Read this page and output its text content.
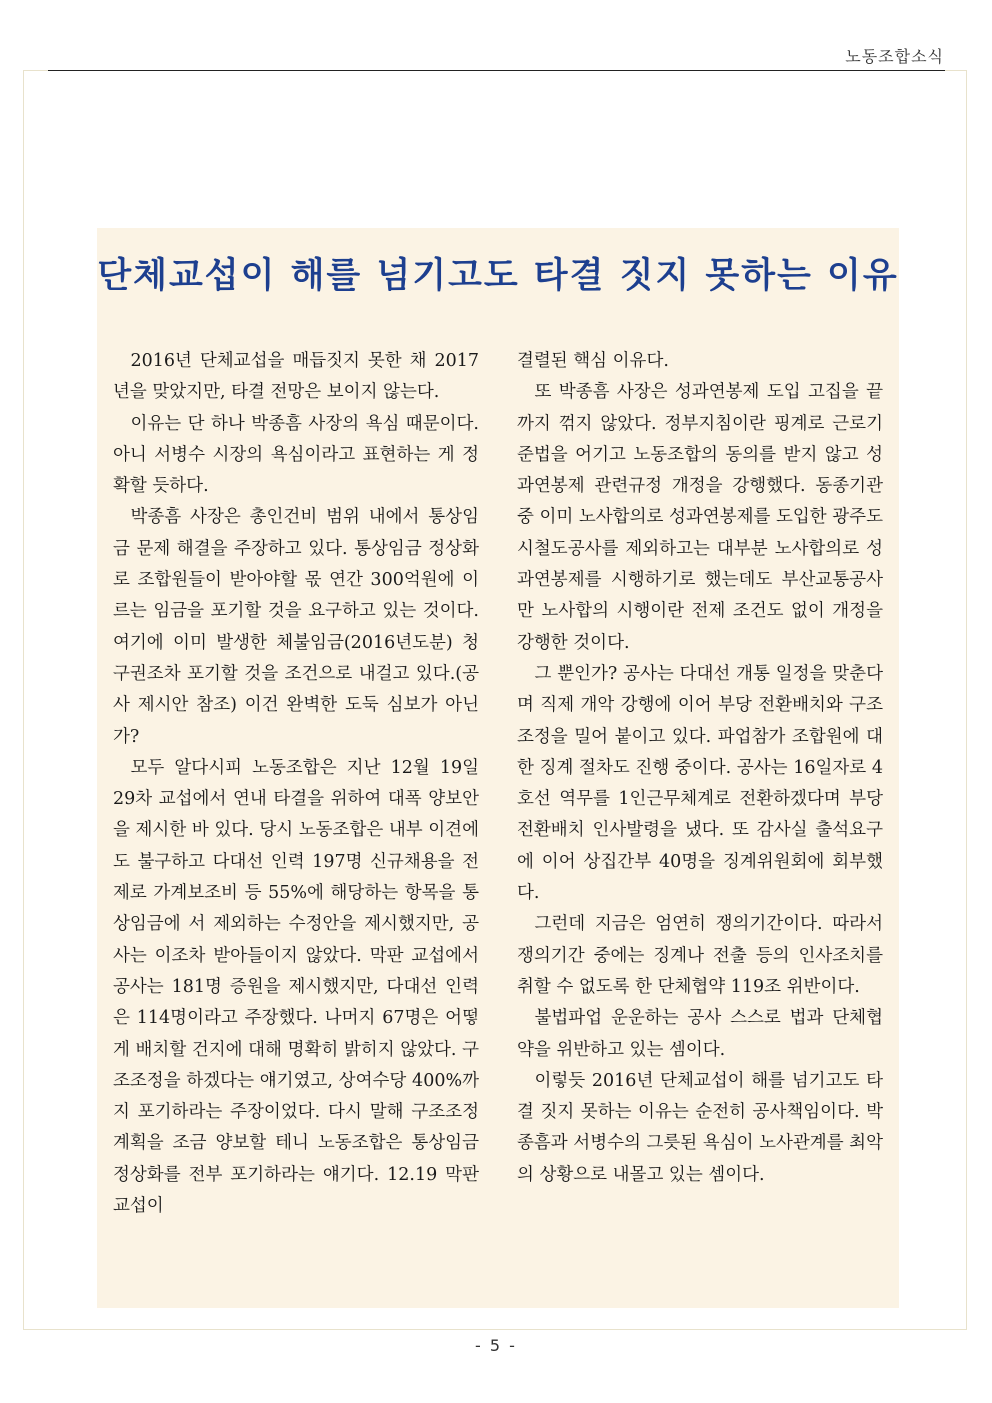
노동조합소식
단체교섭이 해를 넘기고도 타결 짓지 못하는 이유

2016년 단체교섭을 매듭짓지 못한 채 2017년을 맞았지만, 타결 전망은 보이지 않는다.

이유는 단 하나 박종흠 사장의 욕심 때문이다. 아니 서병수 시장의 욕심이라고 표현하는 게 정확할 듯하다.

박종흠 사장은 총인건비 범위 내에서 통상임금 문제 해결을 주장하고 있다. 통상임금 정상화로 조합원들이 받아야할 몫 연간 300억원에 이르는 임금을 포기할 것을 요구하고 있는 것이다. 여기에 이미 발생한 체불임금(2016년도분) 청구권조차 포기할 것을 조건으로 내걸고 있다.(공사 제시안 참조) 이건 완벽한 도둑 심보가 아닌가?

모두 알다시피 노동조합은 지난 12월 19일 29차 교섭에서 연내 타결을 위하여 대폭 양보안을 제시한 바 있다. 당시 노동조합은 내부 이견에도 불구하고 다대선 인력 197명 신규채용을 전제로 가계보조비 등 55%에 해당하는 항목을 통상임금에 서 제외하는 수정안을 제시했지만, 공사는 이조차 받아들이지 않았다. 막판 교섭에서 공사는 181명 증원을 제시했지만, 다대선 인력은 114명이라고 주장했다. 나머지 67명은 어떻게 배치할 건지에 대해 명확히 밝히지 않았다. 구조조정을 하겠다는 얘기였고, 상여수당 400%까지 포기하라는 주장이었다. 다시 말해 구조조정 계획을 조금 양보할 테니 노동조합은 통상임금 정상화를 전부 포기하라는 얘기다. 12.19 막판교섭이

결렬된 핵심 이유다.

또 박종흠 사장은 성과연봉제 도입 고집을 끝까지 꺾지 않았다. 정부지침이란 핑계로 근로기준법을 어기고 노동조합의 동의를 받지 않고 성과연봉제 관련규정 개정을 강행했다. 동종기관 중 이미 노사합의로 성과연봉제를 도입한 광주도시철도공사를 제외하고는 대부분 노사합의로 성과연봉제를 시행하기로 했는데도 부산교통공사만 노사합의 시행이란 전제 조건도 없이 개정을 강행한 것이다.

그 뿐인가? 공사는 다대선 개통 일정을 맞춘다며 직제 개악 강행에 이어 부당 전환배치와 구조조정을 밀어 붙이고 있다. 파업참가 조합원에 대한 징계 절차도 진행 중이다. 공사는 16일자로 4호선 역무를 1인근무체계로 전환하겠다며 부당 전환배치 인사발령을 냈다. 또 감사실 출석요구에 이어 상집간부 40명을 징계위원회에 회부했다.

그런데 지금은 엄연히 쟁의기간이다. 따라서 쟁의기간 중에는 징계나 전출 등의 인사조치를 취할 수 없도록 한 단체협약 119조 위반이다.

불법파업 운운하는 공사 스스로 법과 단체협약을 위반하고 있는 셈이다.

이렇듯 2016년 단체교섭이 해를 넘기고도 타결 짓지 못하는 이유는 순전히 공사책임이다. 박종흠과 서병수의 그릇된 욕심이 노사관계를 최악의 상황으로 내몰고 있는 셈이다.

- 5 -
